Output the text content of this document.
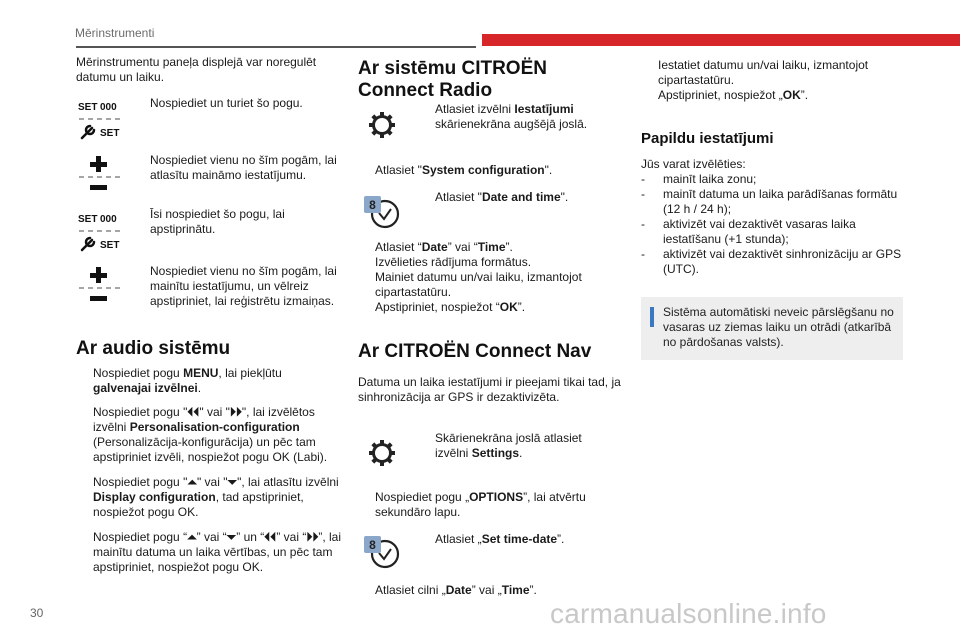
Mērinstrumenti
Mērinstrumentu paneļa displejā var noregulēt datumu un laiku.
SET 000
SET
Nospiediet un turiet šo pogu.
Nospiediet vienu no šīm pogām, lai atlasītu maināmo iestatījumu.
SET 000
SET
Īsi nospiediet šo pogu, lai apstiprinātu.
Nospiediet vienu no šīm pogām, lai mainītu iestatījumu, un vēlreiz apstipriniet, lai reģistrētu izmaiņas.
Ar audio sistēmu
Nospiediet pogu MENU, lai piekļūtu galvenajai izvēlnei.
Nospiediet pogu "⏴⏴" vai "⏵⏵", lai izvēlētos izvēlni Personalisation-configuration (Personalizācija-konfigurācija) un pēc tam apstipriniet izvēli, nospiežot pogu OK (Labi).
Nospiediet pogu "⏶" vai "⏷", lai atlasītu izvēlni Display configuration, tad apstipriniet, nospiežot pogu OK.
Nospiediet pogu “⏶” vai “⏷” un “⏴⏴” vai “⏵⏵”, lai mainītu datuma un laika vērtības, un pēc tam apstipriniet, nospiežot pogu OK.
Ar sistēmu CITROËN
Connect Radio
Atlasiet izvēlni Iestatījumi skārienekrāna augšējā joslā.
Atlasiet "System configuration".
8
Atlasiet "Date and time".
Atlasiet “Date” vai “Time”.
Izvēlieties rādījuma formātus.
Mainiet datumu un/vai laiku, izmantojot cipartastatūru.
Apstipriniet, nospiežot “OK”.
Ar CITROËN Connect Nav
Datuma un laika iestatījumi ir pieejami tikai tad, ja sinhronizācija ar GPS ir dezaktivizēta.
Skārienekrāna joslā atlasiet izvēlni Settings.
Nospiediet pogu „OPTIONS”, lai atvērtu sekundāro lapu.
8	Atlasiet „Set time-date”.
Atlasiet cilni „Date” vai „Time”.
Iestatiet datumu un/vai laiku, izmantojot cipartastatūru.
Apstipriniet, nospiežot „OK”.
Papildu iestatījumi
Jūs varat izvēlēties:
- mainīt laika zonu;
- mainīt datuma un laika parādīšanas formātu (12 h / 24 h);
- aktivizēt vai dezaktivēt vasaras laika iestatīšanu (+1 stunda);
- aktivizēt vai dezaktivēt sinhronizāciju ar GPS (UTC).
Sistēma automātiski neveic pārslēgšanu no vasaras uz ziemas laiku un otrādi (atkarībā no pārdošanas valsts).
30	carmanualsonline.info
